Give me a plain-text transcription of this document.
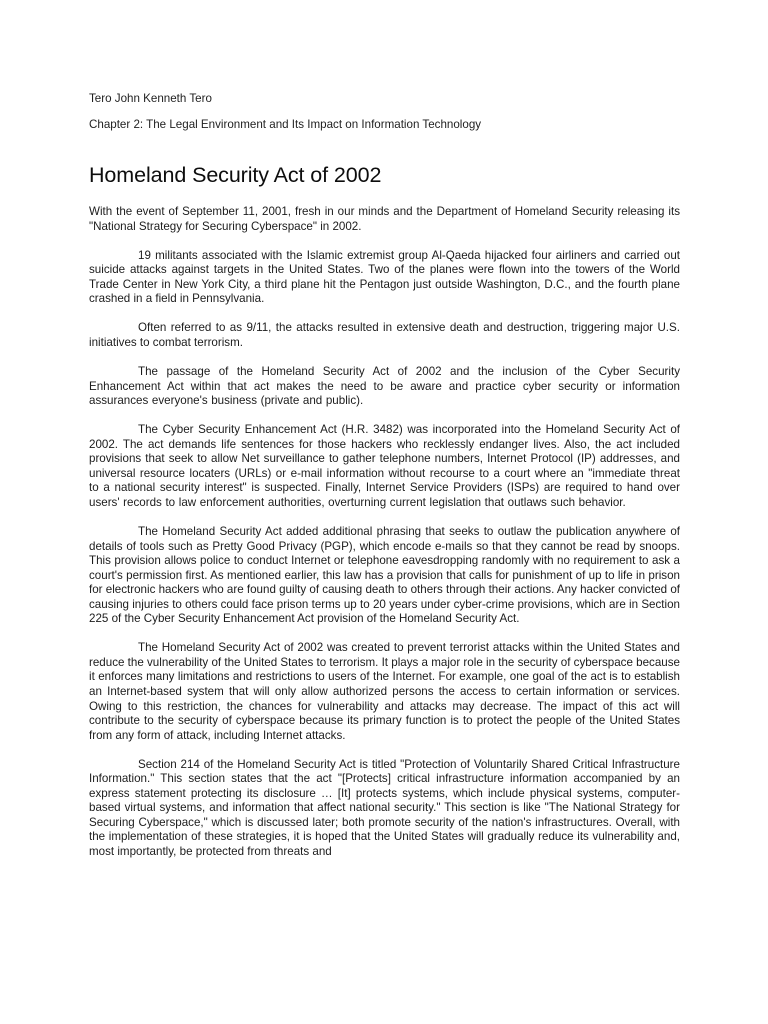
Tero John Kenneth Tero
Chapter 2: The Legal Environment and Its Impact on Information Technology
Homeland Security Act of 2002

With the event of September 11, 2001, fresh in our minds and the Department of Homeland Security releasing its "National Strategy for Securing Cyberspace" in 2002.

19 militants associated with the Islamic extremist group Al-Qaeda hijacked four airliners and carried out suicide attacks against targets in the United States. Two of the planes were flown into the towers of the World Trade Center in New York City, a third plane hit the Pentagon just outside Washington, D.C., and the fourth plane crashed in a field in Pennsylvania.

Often referred to as 9/11, the attacks resulted in extensive death and destruction, triggering major U.S. initiatives to combat terrorism.

The passage of the Homeland Security Act of 2002 and the inclusion of the Cyber Security Enhancement Act within that act makes the need to be aware and practice cyber security or information assurances everyone's business (private and public).

The Cyber Security Enhancement Act (H.R. 3482) was incorporated into the Homeland Security Act of 2002. The act demands life sentences for those hackers who recklessly endanger lives. Also, the act included provisions that seek to allow Net surveillance to gather telephone numbers, Internet Protocol (IP) addresses, and universal resource locaters (URLs) or e-mail information without recourse to a court where an "immediate threat to a national security interest" is suspected. Finally, Internet Service Providers (ISPs) are required to hand over users' records to law enforcement authorities, overturning current legislation that outlaws such behavior.

The Homeland Security Act added additional phrasing that seeks to outlaw the publication anywhere of details of tools such as Pretty Good Privacy (PGP), which encode e-mails so that they cannot be read by snoops. This provision allows police to conduct Internet or telephone eavesdropping randomly with no requirement to ask a court's permission first. As mentioned earlier, this law has a provision that calls for punishment of up to life in prison for electronic hackers who are found guilty of causing death to others through their actions. Any hacker convicted of causing injuries to others could face prison terms up to 20 years under cyber-crime provisions, which are in Section 225 of the Cyber Security Enhancement Act provision of the Homeland Security Act.

The Homeland Security Act of 2002 was created to prevent terrorist attacks within the United States and reduce the vulnerability of the United States to terrorism. It plays a major role in the security of cyberspace because it enforces many limitations and restrictions to users of the Internet. For example, one goal of the act is to establish an Internet-based system that will only allow authorized persons the access to certain information or services. Owing to this restriction, the chances for vulnerability and attacks may decrease. The impact of this act will contribute to the security of cyberspace because its primary function is to protect the people of the United States from any form of attack, including Internet attacks.

Section 214 of the Homeland Security Act is titled "Protection of Voluntarily Shared Critical Infrastructure Information." This section states that the act "[Protects] critical infrastructure information accompanied by an express statement protecting its disclosure … [It] protects systems, which include physical systems, computer-based virtual systems, and information that affect national security." This section is like "The National Strategy for Securing Cyberspace," which is discussed later; both promote security of the nation's infrastructures. Overall, with the implementation of these strategies, it is hoped that the United States will gradually reduce its vulnerability and, most importantly, be protected from threats and
